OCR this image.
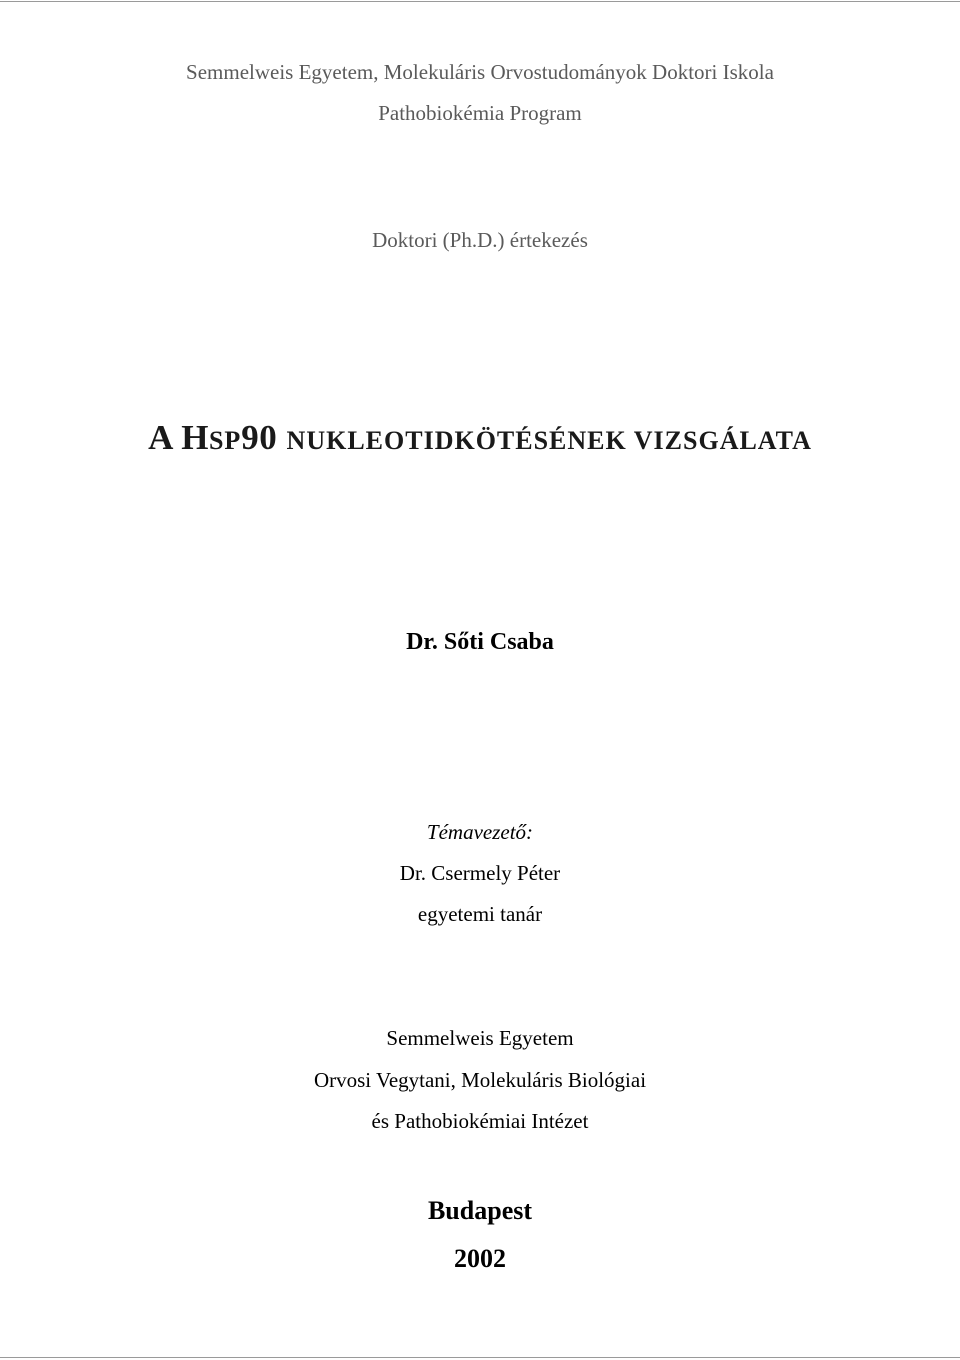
Semmelweis Egyetem, Molekuláris Orvostudományok Doktori Iskola
Pathobiokémia Program
Doktori (Ph.D.) értekezés
A HSP90 NUKLEOTIDKÖTÉSÉNEK VIZSGÁLATA
Dr. Sőti Csaba
Témavezető:
Dr. Csermely Péter
egyetemi tanár
Semmelweis Egyetem
Orvosi Vegytani, Molekuláris Biológiai
és Pathobiokémiai Intézet
Budapest
2002
